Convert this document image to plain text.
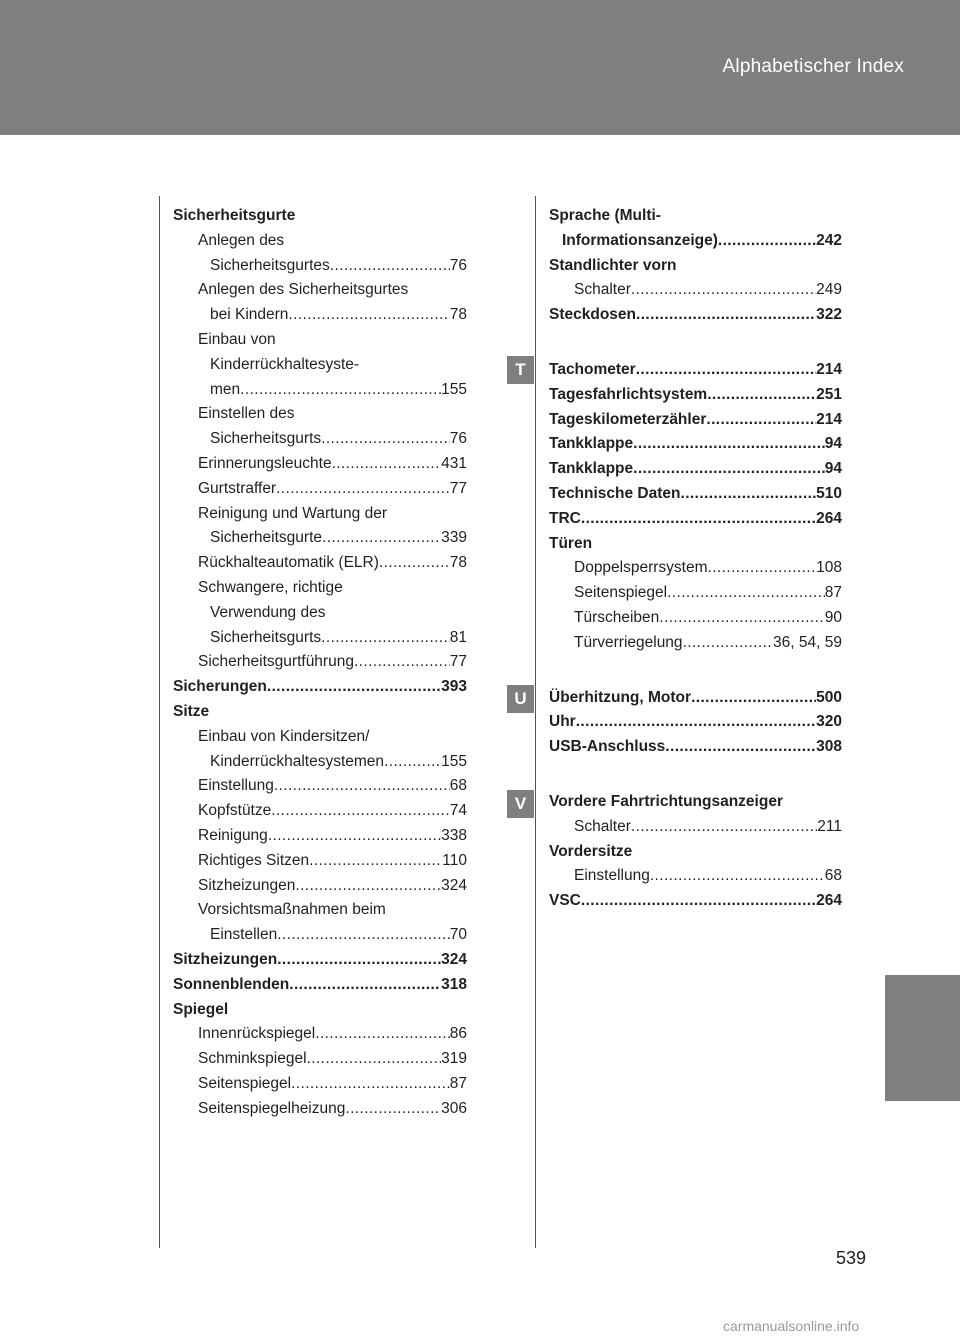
Alphabetischer Index
Sicherheitsgurte
Anlegen des
Sicherheitsgurtes .....	76
Anlegen des Sicherheitsgurtes
bei Kindern .....	78
Einbau von
Kinderrückhaltesyste-
men .....	155
Einstellen des
Sicherheitsgurts .....	76
Erinnerungsleuchte .....	431
Gurtstraffer .....	77
Reinigung und Wartung der
Sicherheitsgurte .....	339
Rückhalteautomatik (ELR) .....	78
Schwangere, richtige
Verwendung des
Sicherheitsgurts .....	81
Sicherheitsgurtführung .....	77
Sicherungen .....	393
Sitze
Einbau von Kindersitzen/
Kinderrückhaltesystemen .....	155
Einstellung .....	68
Kopfstütze .....	74
Reinigung .....	338
Richtiges Sitzen .....	110
Sitzheizungen .....	324
Vorsichtsmaßnahmen beim
Einstellen .....	70
Sitzheizungen .....	324
Sonnenblenden .....	318
Spiegel
Innenrückspiegel .....	86
Schminkspiegel .....	319
Seitenspiegel .....	87
Seitenspiegelheizung .....	306
T
U
V
Sprache (Multi-
Informationsanzeige) .....	242
Standlichter vorn
Schalter .....	249
Steckdosen .....	322
Tachometer .....	214
Tagesfahrlichtsystem .....	251
Tageskilometerzähler .....	214
Tankklappe .....	94
Tankklappe .....	94
Technische Daten .....	510
TRC .....	264
Türen
Doppelsperrsystem .....	108
Seitenspiegel .....	87
Türscheiben .....	90
Türverriegelung .....	36, 54, 59
Überhitzung, Motor .....	500
Uhr .....	320
USB-Anschluss .....	308
Vordere Fahrtrichtungsanzeiger
Schalter .....	211
Vordersitze
Einstellung .....	68
VSC .....	264
539
carmanualsonline.info
